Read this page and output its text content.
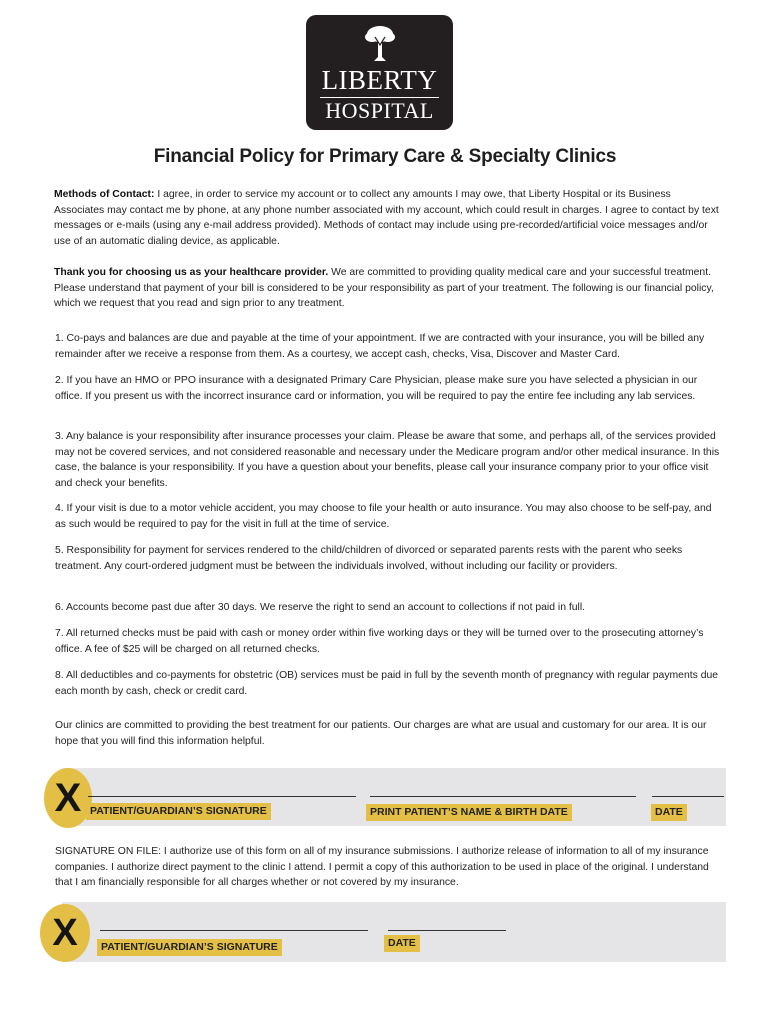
LIBERTY
HOSPITAL
Financial Policy for Primary Care & Specialty Clinics

Methods of Contact: I agree, in order to service my account or to collect any amounts I may owe, that Liberty Hospital or its Business Associates may contact me by phone, at any phone number associated with my account, which could result in charges. I agree to contact by text messages or e-mails (using any e-mail address provided). Methods of contact may include using pre-recorded/artificial voice messages and/or use of an automatic dialing device, as applicable.

Thank you for choosing us as your healthcare provider. We are committed to providing quality medical care and your successful treatment. Please understand that payment of your bill is considered to be your responsibility as part of your treatment. The following is our financial policy, which we request that you read and sign prior to any treatment.

1. Co-pays and balances are due and payable at the time of your appointment. If we are contracted with your insurance, you will be billed any remainder after we receive a response from them. As a courtesy, we accept cash, checks, Visa, Discover and Master Card.

2. If you have an HMO or PPO insurance with a designated Primary Care Physician, please make sure you have selected a physician in our office. If you present us with the incorrect insurance card or information, you will be required to pay the entire fee including any lab services.

3. Any balance is your responsibility after insurance processes your claim. Please be aware that some, and perhaps all, of the services provided may not be covered services, and not considered reasonable and necessary under the Medicare program and/or other medical insurance. In this case, the balance is your responsibility. If you have a question about your benefits, please call your insurance company prior to your office visit and check your benefits.

4. If your visit is due to a motor vehicle accident, you may choose to file your health or auto insurance. You may also choose to be self-pay, and as such would be required to pay for the visit in full at the time of service.

5. Responsibility for payment for services rendered to the child/children of divorced or separated parents rests with the parent who seeks treatment. Any court-ordered judgment must be between the individuals involved, without including our facility or providers.

6. Accounts become past due after 30 days. We reserve the right to send an account to collections if not paid in full.

7. All returned checks must be paid with cash or money order within five working days or they will be turned over to the prosecuting attorney’s office. A fee of $25 will be charged on all returned checks.

8. All deductibles and co-payments for obstetric (OB) services must be paid in full by the seventh month of pregnancy with regular payments due each month by cash, check or credit card.

Our clinics are committed to providing the best treatment for our patients. Our charges are what are usual and customary for our area. It is our hope that you will find this information helpful.

X PATIENT/GUARDIAN’S SIGNATURE	PRINT PATIENT’S NAME & BIRTH DATE	DATE

SIGNATURE ON FILE: I authorize use of this form on all of my insurance submissions. I authorize release of information to all of my insurance companies. I authorize direct payment to the clinic I attend. I permit a copy of this authorization to be used in place of the original. I understand that I am financially responsible for all charges whether or not covered by my insurance.

X	PATIENT/GUARDIAN’S SIGNATURE	DATE
